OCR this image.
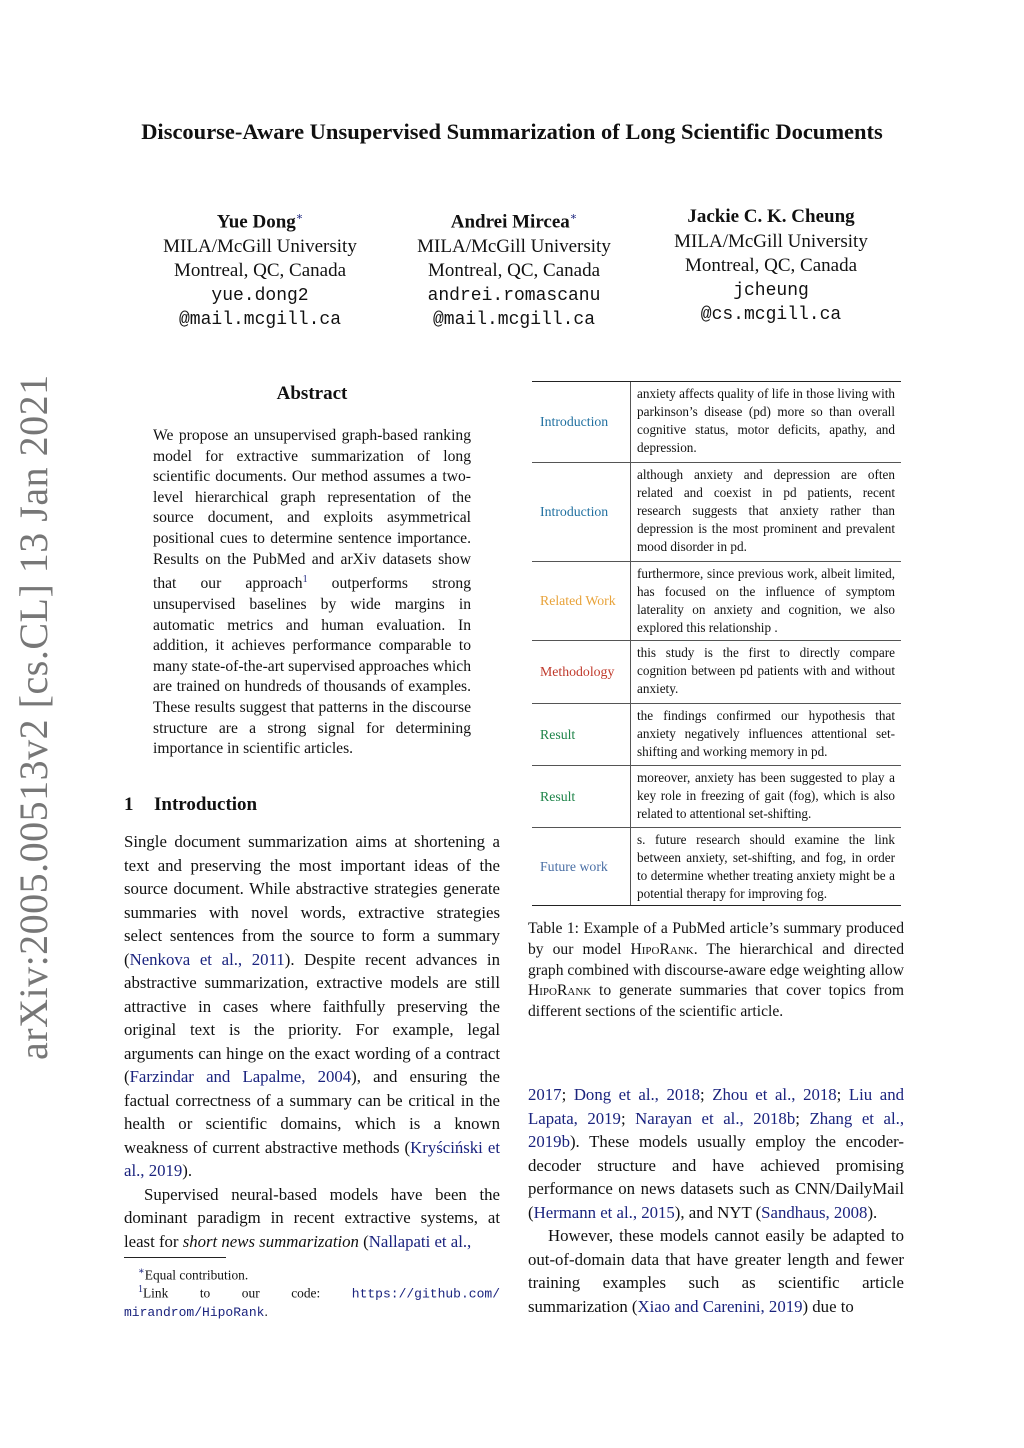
arXiv:2005.00513v2 [cs.CL] 13 Jan 2021
Discourse-Aware Unsupervised Summarization of Long Scientific Documents
Yue Dong∗
MILA/McGill University
Montreal, QC, Canada
yue.dong2
@mail.mcgill.ca
Andrei Mircea∗
MILA/McGill University
Montreal, QC, Canada
andrei.romascanu
@mail.mcgill.ca
Jackie C. K. Cheung
MILA/McGill University
Montreal, QC, Canada
jcheung
@cs.mcgill.ca
Abstract
We propose an unsupervised graph-based ranking model for extractive summarization of long scientific documents. Our method assumes a two-level hierarchical graph representation of the source document, and exploits asymmetrical positional cues to determine sentence importance. Results on the PubMed and arXiv datasets show that our approach$^1$ outperforms strong unsupervised baselines by wide margins in automatic metrics and human evaluation. In addition, it achieves performance comparable to many state-of-the-art supervised approaches which are trained on hundreds of thousands of examples. These results suggest that patterns in the discourse structure are a strong signal for determining importance in scientific articles.
1 Introduction

Single document summarization aims at shortening a text and preserving the most important ideas of the source document. While abstractive strategies generate summaries with novel words, extractive strategies select sentences from the source to form a summary (Nenkova et al., 2011). Despite recent advances in abstractive summarization, extractive models are still attractive in cases where faithfully preserving the original text is the priority. For example, legal arguments can hinge on the exact wording of a contract (Farzindar and Lapalme, 2004), and ensuring the factual correctness of a summary can be critical in the health or scientific domains, which is a known weakness of current abstractive methods (Kryściński et al., 2019).

Supervised neural-based models have been the dominant paradigm in recent extractive systems, at least for short news summarization (Nallapati et al.,

∗Equal contribution.
$^1$Link to our code: https://github.com/ mirandrom/HipoRank.
Introduction
anxiety affects quality of life in those living with parkinson’s disease (pd) more so than overall cognitive status, motor deficits, apathy, and depression.
Introduction
although anxiety and depression are often related and coexist in pd patients, recent research suggests that anxiety rather than depression is the most prominent and prevalent mood disorder in pd.
Related Work
furthermore, since previous work, albeit limited, has focused on the influence of symptom laterality on anxiety and cognition, we also explored this relationship .
Methodology
this study is the first to directly compare cognition between pd patients with and without anxiety.
Result
the findings confirmed our hypothesis that anxiety negatively influences attentional set-shifting and working memory in pd.
Result
moreover, anxiety has been suggested to play a key role in freezing of gait (fog), which is also related to attentional set-shifting.
Future work
s. future research should examine the link between anxiety, set-shifting, and fog, in order to determine whether treating anxiety might be a potential therapy for improving fog.
Table 1: Example of a PubMed article’s summary produced by our model HipoRank. The hierarchical and directed graph combined with discourse-aware edge weighting allow HipoRank to generate summaries that cover topics from different sections of the scientific article.

2017; Dong et al., 2018; Zhou et al., 2018; Liu and Lapata, 2019; Narayan et al., 2018b; Zhang et al., 2019b). These models usually employ the encoder-decoder structure and have achieved promising performance on news datasets such as CNN/DailyMail (Hermann et al., 2015), and NYT (Sandhaus, 2008).

However, these models cannot easily be adapted to out-of-domain data that have greater length and fewer training examples such as scientific article summarization (Xiao and Carenini, 2019) due to
